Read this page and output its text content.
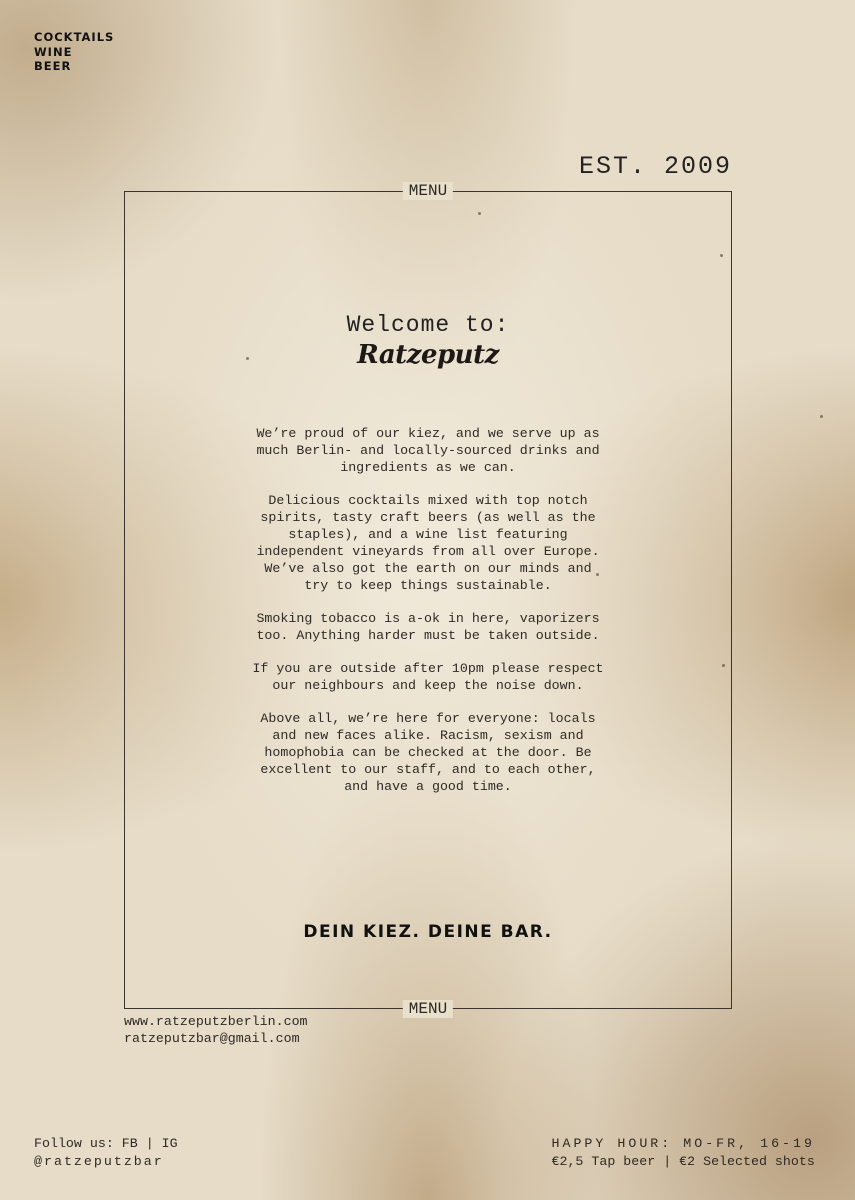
COCKTAILS
WINE
BEER
EST. 2009
MENU
Welcome to:
Ratzeputz

We’re proud of our kiez, and we serve up as
much Berlin- and locally-sourced drinks and
ingredients as we can.

Delicious cocktails mixed with top notch
spirits, tasty craft beers (as well as the
staples), and a wine list featuring
independent vineyards from all over Europe.
We’ve also got the earth on our minds and
try to keep things sustainable.

Smoking tobacco is a-ok in here, vaporizers
too. Anything harder must be taken outside.

If you are outside after 10pm please respect
our neighbours and keep the noise down.

Above all, we’re here for everyone: locals
and new faces alike. Racism, sexism and
homophobia can be checked at the door. Be
excellent to our staff, and to each other,
and have a good time.

DEIN KIEZ. DEINE BAR.
MENU
www.ratzeputzberlin.com
ratzeputzbar@gmail.com
Follow us: FB | IG
@ratzeputzbar
HAPPY HOUR: MO-FR, 16-19
€2,5 Tap beer | €2 Selected shots
